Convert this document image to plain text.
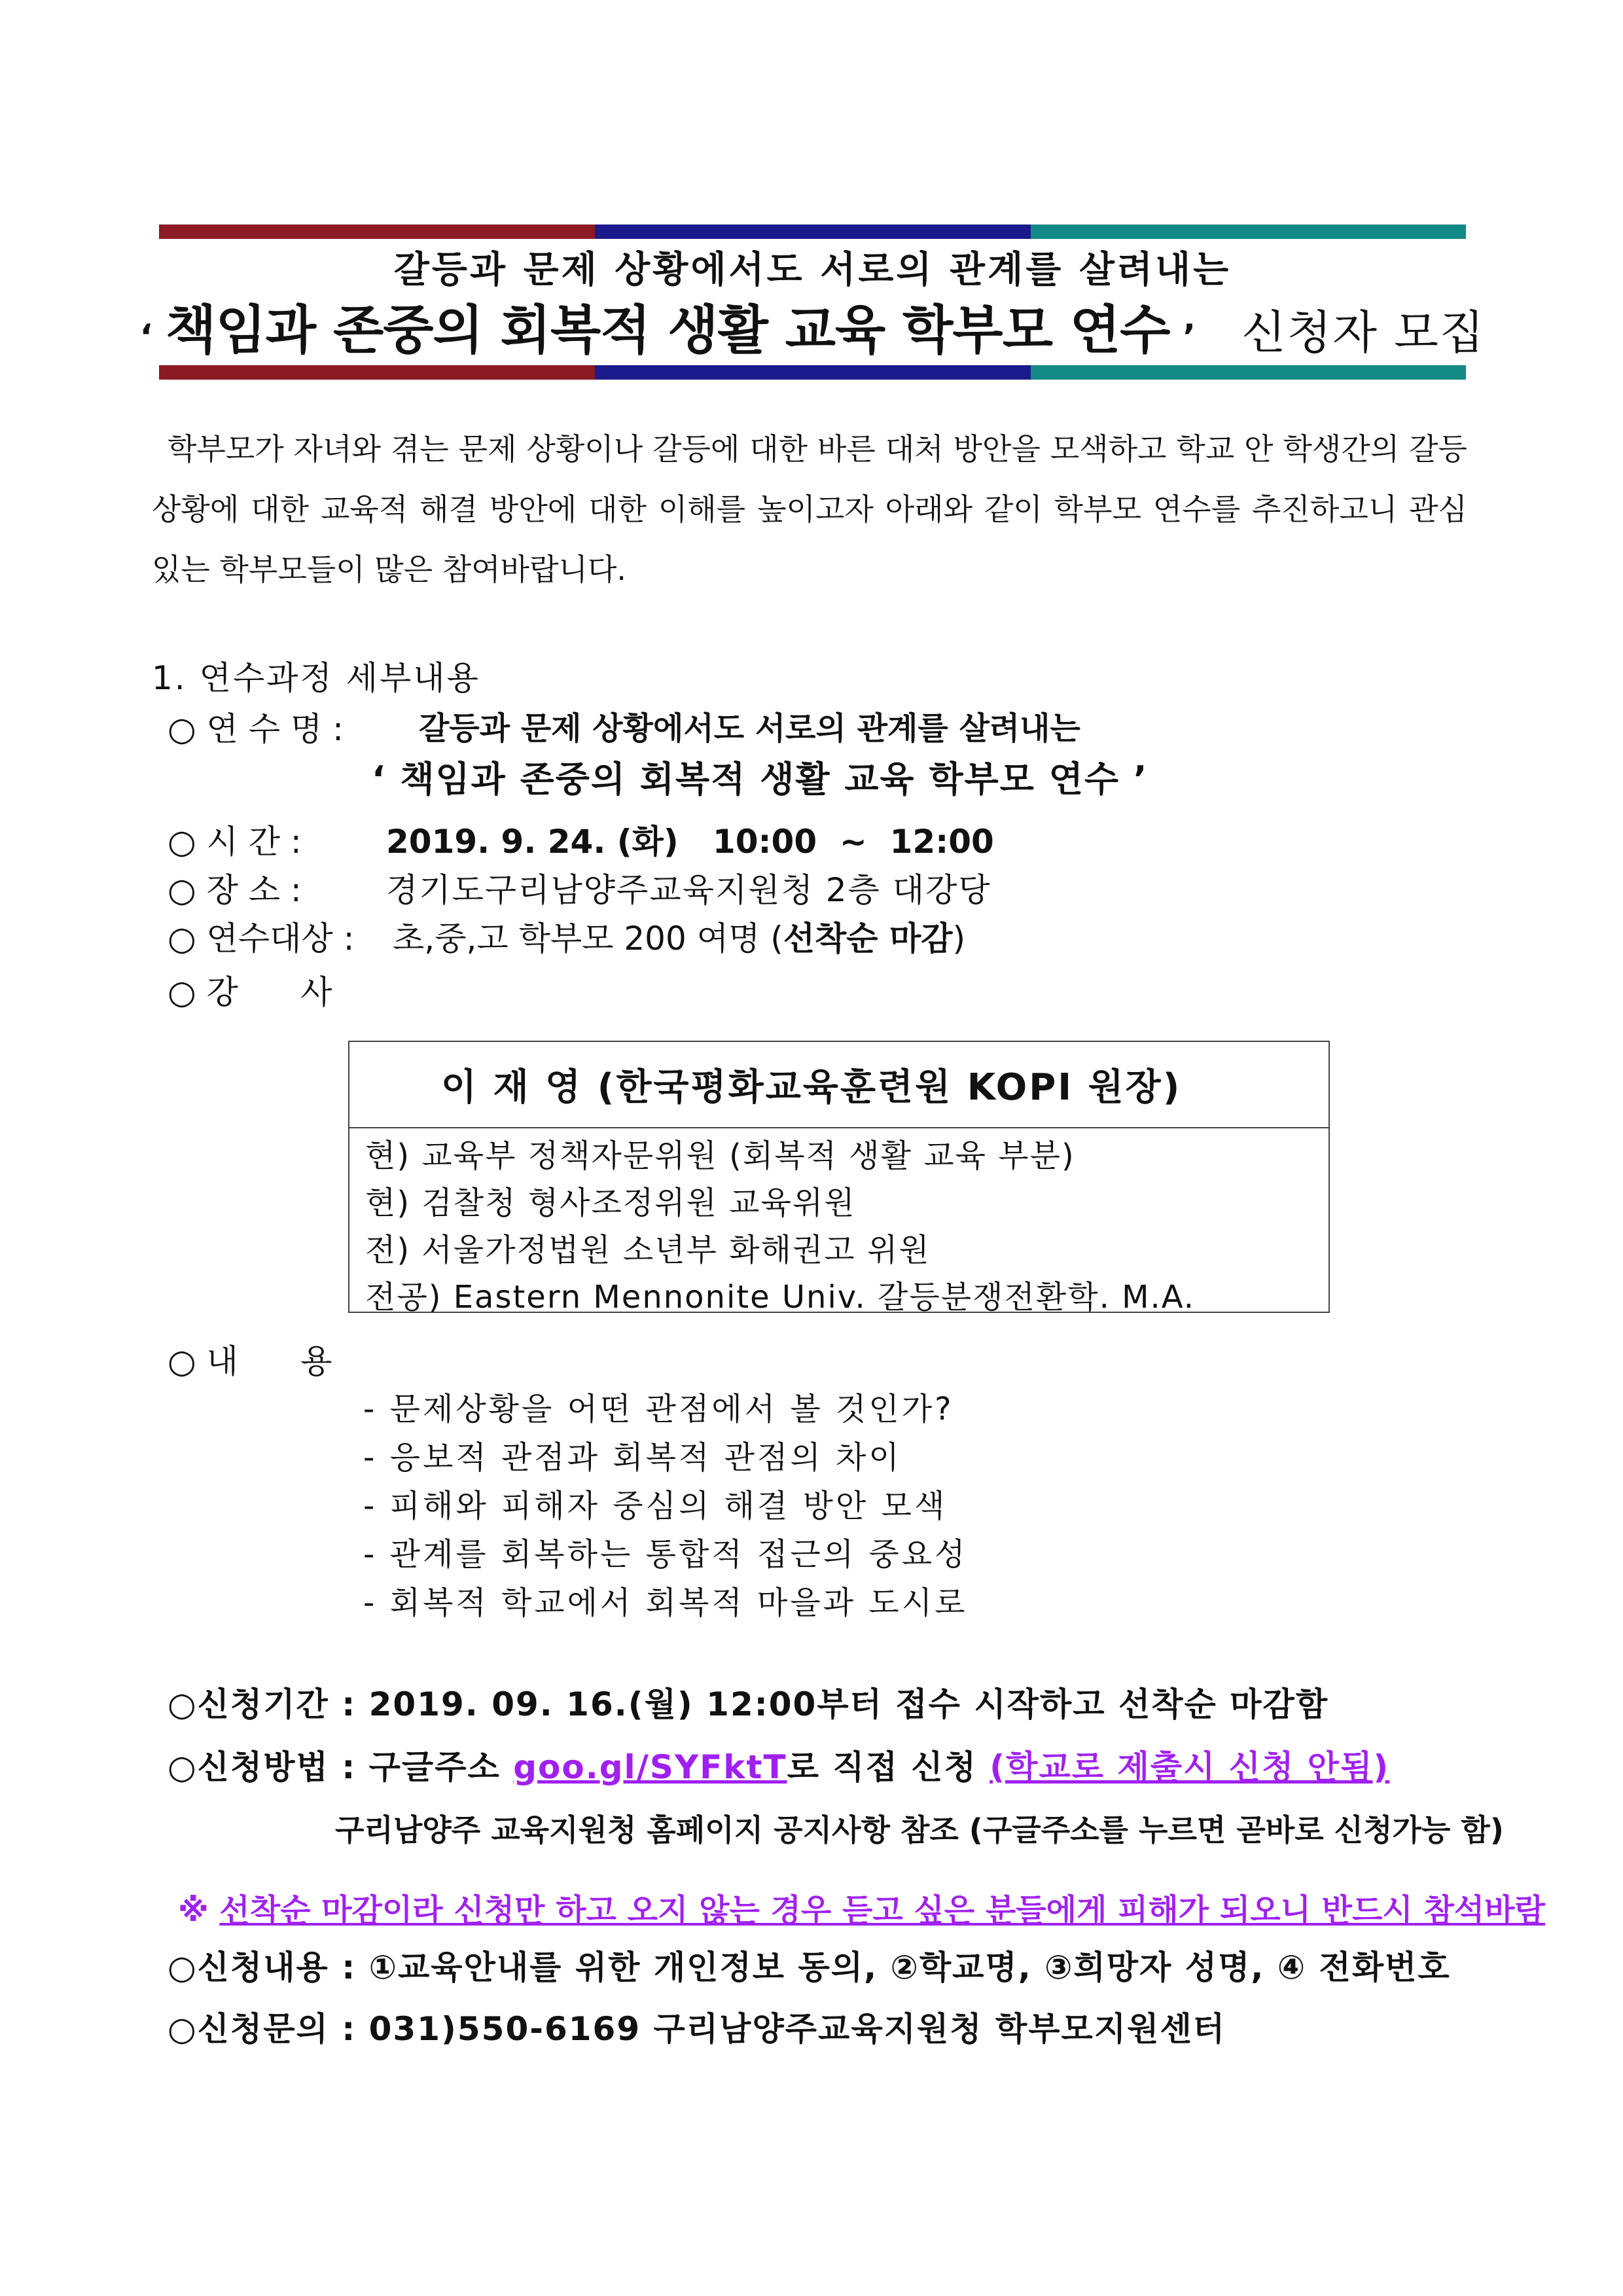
갈등과 문제 상황에서도 서로의 관계를 살려내는
‘ 책임과 존중의 회복적 생활 교육 학부모 연수 ’ 신청자 모집
학부모가 자녀와 겪는 문제 상황이나 갈등에 대한 바른 대처 방안을 모색하고 학교 안 학생간의 갈등 상황에 대한 교육적 해결 방안에 대한 이해를 높이고자 아래와 같이 학부모 연수를 추진하고니 관심있는 학부모들이 많은 참여바랍니다.
1. 연수과정 세부내용
○ 연 수 명 : 갈등과 문제 상황에서도 서로의 관계를 살려내는
‘ 책임과 존중의 회복적 생활 교육 학부모 연수 ’
○ 시 간 :	2019. 9. 24. (화)   10:00  ~  12:00
○ 장 소 :	경기도구리남양주교육지원청 2층 대강당
○ 연수대상 : 초,중,고 학부모 200 여명 (선착순 마감)
○ 강      사
이 재 영 (한국평화교육훈련원 KOPI 원장)
현) 교육부 정책자문위원 (회복적 생활 교육 부분)
현) 검찰청 형사조정위원 교육위원
전) 서울가정법원 소년부 화해권고 위원
전공) Eastern Mennonite Univ. 갈등분쟁전환학. M.A.
○ 내      용
- 문제상황을 어떤 관점에서 볼 것인가?
- 응보적 관점과 회복적 관점의 차이
- 피해와 피해자 중심의 해결 방안 모색
- 관계를 회복하는 통합적 접근의 중요성
- 회복적 학교에서 회복적 마을과 도시로
○신청기간 : 2019. 09. 16.(월) 12:00부터 접수 시작하고 선착순 마감함
○신청방법 : 구글주소 goo.gl/SYFktT로 직접 신청 (학교로 제출시 신청 안됨)
구리남양주 교육지원청 홈페이지 공지사항 참조 (구글주소를 누르면 곧바로 신청가능 함)
※ 선착순 마감이라 신청만 하고 오지 않는 경우 듣고 싶은 분들에게 피해가 되오니 반드시 참석바람
○신청내용 : ①교육안내를 위한 개인정보 동의, ②학교명, ③희망자 성명, ④ 전화번호
○신청문의 : 031)550-6169 구리남양주교육지원청 학부모지원센터
